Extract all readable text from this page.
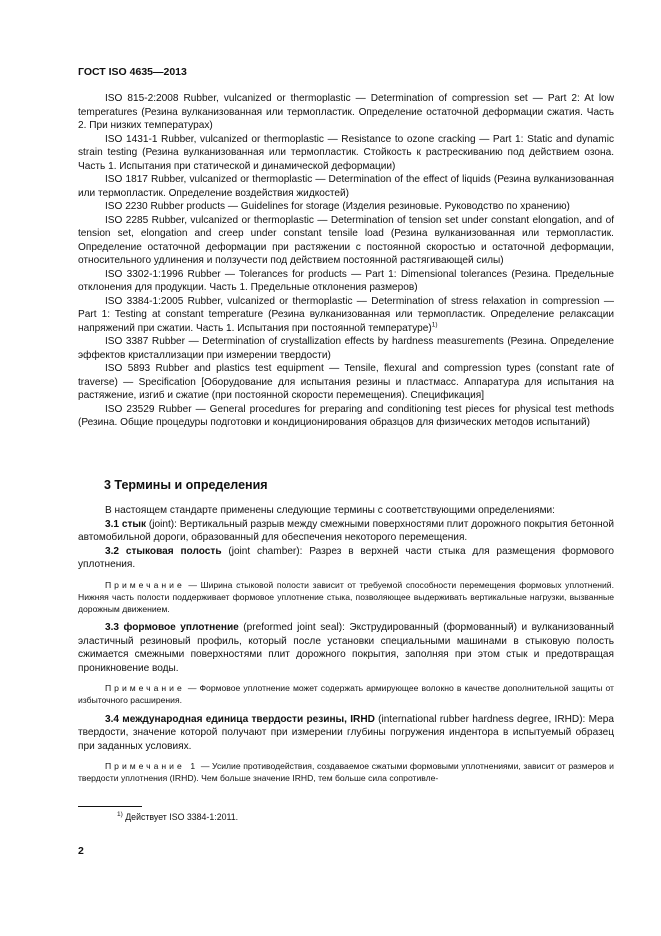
ГОСТ ISO 4635—2013

ISO 815-2:2008 Rubber, vulcanized or thermoplastic — Determination of compression set — Part 2: At low temperatures (Резина вулканизованная или термопластик. Определение остаточной деформации сжатия. Часть 2. При низких температурах)

ISO 1431-1 Rubber, vulcanized or thermoplastic — Resistance to ozone cracking — Part 1: Static and dynamic strain testing (Резина вулканизованная или термопластик. Стойкость к растрескиванию под действием озона. Часть 1. Испытания при статической и динамической деформации)

ISO 1817 Rubber, vulcanized or thermoplastic — Determination of the effect of liquids (Резина вулканизованная или термопластик. Определение воздействия жидкостей)

ISO 2230 Rubber products — Guidelines for storage (Изделия резиновые. Руководство по хранению)

ISO 2285 Rubber, vulcanized or thermoplastic — Determination of tension set under constant elongation, and of tension set, elongation and creep under constant tensile load (Резина вулканизованная или термопластик. Определение остаточной деформации при растяжении с постоянной скоростью и остаточной деформации, относительного удлинения и ползучести под действием постоянной растягивающей силы)

ISO 3302-1:1996 Rubber — Tolerances for products — Part 1: Dimensional tolerances (Резина. Предельные отклонения для продукции. Часть 1. Предельные отклонения размеров)

ISO 3384-1:2005 Rubber, vulcanized or thermoplastic — Determination of stress relaxation in compression — Part 1: Testing at constant temperature (Резина вулканизованная или термопластик. Определение релаксации напряжений при сжатии. Часть 1. Испытания при постоянной температуре)$^{1)}$

ISO 3387 Rubber — Determination of crystallization effects by hardness measurements (Резина. Определение эффектов кристаллизации при измерении твердости)

ISO 5893 Rubber and plastics test equipment — Tensile, flexural and compression types (constant rate of traverse) — Specification [Оборудование для испытания резины и пластмасс. Аппаратура для испытания на растяжение, изгиб и сжатие (при постоянной скорости перемещения). Спецификация]

ISO 23529 Rubber — General procedures for preparing and conditioning test pieces for physical test methods (Резина. Общие процедуры подготовки и кондиционирования образцов для физических методов испытаний)

3 Термины и определения

В настоящем стандарте применены следующие термины с соответствующими определениями:

3.1 стык (joint): Вертикальный разрыв между смежными поверхностями плит дорожного покрытия бетонной автомобильной дороги, образованный для обеспечения некоторого перемещения.

3.2 стыковая полость (joint chamber): Разрез в верхней части стыка для размещения формового уплотнения.

Примечание — Ширина стыковой полости зависит от требуемой способности перемещения формовых уплотнений. Нижняя часть полости поддерживает формовое уплотнение стыка, позволяющее выдерживать вертикальные нагрузки, вызванные дорожным движением.

3.3 формовое уплотнение (preformed joint seal): Экструдированный (формованный) и вулканизованный эластичный резиновый профиль, который после установки специальными машинами в стыковую полость сжимается смежными поверхностями плит дорожного покрытия, заполняя при этом стык и предотвращая проникновение воды.

Примечание — Формовое уплотнение может содержать армирующее волокно в качестве дополнительной защиты от избыточного расширения.

3.4 международная единица твердости резины, IRHD (international rubber hardness degree, IRHD): Мера твердости, значение которой получают при измерении глубины погружения индентора в испытуемый образец при заданных условиях.

Примечание 1 — Усилие противодействия, создаваемое сжатыми формовыми уплотнениями, зависит от размеров и твердости уплотнения (IRHD). Чем больше значение IRHD, тем больше сила сопротивле-

$^{1)}$ Действует ISO 3384-1:2011.
2
